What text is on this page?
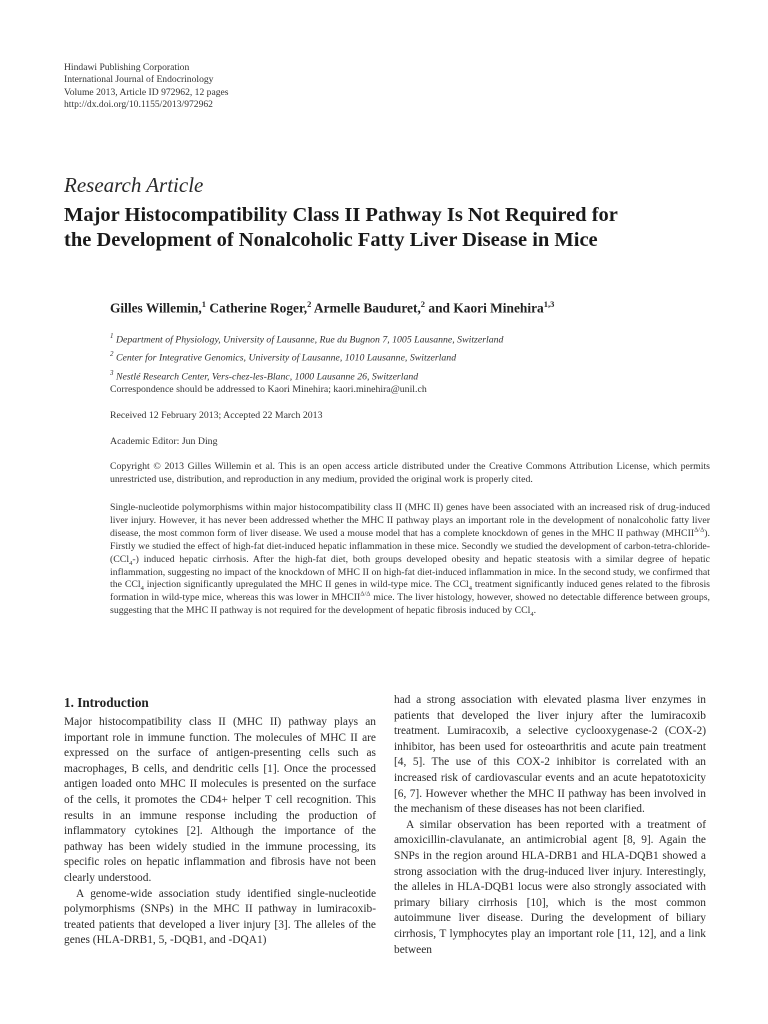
Hindawi Publishing Corporation
International Journal of Endocrinology
Volume 2013, Article ID 972962, 12 pages
http://dx.doi.org/10.1155/2013/972962
Research Article
Major Histocompatibility Class II Pathway Is Not Required for
the Development of Nonalcoholic Fatty Liver Disease in Mice
Gilles Willemin,$^1$ Catherine Roger,$^2$ Armelle Bauduret,$^2$ and Kaori Minehira$^{1,3}$
$^1$ Department of Physiology, University of Lausanne, Rue du Bugnon 7, 1005 Lausanne, Switzerland
$^2$ Center for Integrative Genomics, University of Lausanne, 1010 Lausanne, Switzerland
$^3$ Nestlé Research Center, Vers-chez-les-Blanc, 1000 Lausanne 26, Switzerland
Correspondence should be addressed to Kaori Minehira; kaori.minehira@unil.ch
Received 12 February 2013; Accepted 22 March 2013
Academic Editor: Jun Ding
Copyright © 2013 Gilles Willemin et al. This is an open access article distributed under the Creative Commons Attribution License, which permits unrestricted use, distribution, and reproduction in any medium, provided the original work is properly cited.
Single-nucleotide polymorphisms within major histocompatibility class II (MHC II) genes have been associated with an increased risk of drug-induced liver injury. However, it has never been addressed whether the MHC II pathway plays an important role in the development of nonalcoholic fatty liver disease, the most common form of liver disease. We used a mouse model that has a complete knockdown of genes in the MHC II pathway $(MHCII^{\Delta/\Delta})$. Firstly we studied the effect of high-fat diet-induced hepatic inflammation in these mice. Secondly we studied the development of carbon-tetra-chloride- (CCl$_4$-) induced hepatic cirrhosis. After the high-fat diet, both groups developed obesity and hepatic steatosis with a similar degree of hepatic inflammation, suggesting no impact of the knockdown of MHC II on high-fat diet-induced inflammation in mice. In the second study, we confirmed that the CCl$_4$ injection significantly upregulated the MHC II genes in wild-type mice. The CCl$_4$ treatment significantly induced genes related to the fibrosis formation in wild-type mice, whereas this was lower in $MHCII^{\Delta/\Delta}$ mice. The liver histology, however, showed no detectable difference between groups, suggesting that the MHC II pathway is not required for the development of hepatic fibrosis induced by CCl$_4$.
1. Introduction

Major histocompatibility class II (MHC II) pathway plays an important role in immune function. The molecules of MHC II are expressed on the surface of antigen-presenting cells such as macrophages, B cells, and dendritic cells [1]. Once the processed antigen loaded onto MHC II molecules is presented on the surface of the cells, it promotes the CD4+ helper T cell recognition. This results in an immune response including the production of inflammatory cytokines [2]. Although the importance of the pathway has been widely studied in the immune processing, its specific roles on hepatic inflammation and fibrosis have not been clearly understood.

A genome-wide association study identified single-nucleotide polymorphisms (SNPs) in the MHC II pathway in lumiracoxib-treated patients that developed a liver injury [3]. The alleles of the genes (HLA-DRB1, 5, -DQB1, and -DQA1)

had a strong association with elevated plasma liver enzymes in patients that developed the liver injury after the lumiracoxib treatment. Lumiracoxib, a selective cyclooxygenase-2 (COX-2) inhibitor, has been used for osteoarthritis and acute pain treatment [4, 5]. The use of this COX-2 inhibitor is correlated with an increased risk of cardiovascular events and an acute hepatotoxicity [6, 7]. However whether the MHC II pathway has been involved in the mechanism of these diseases has not been clarified.

A similar observation has been reported with a treatment of amoxicillin-clavulanate, an antimicrobial agent [8, 9]. Again the SNPs in the region around HLA-DRB1 and HLA-DQB1 showed a strong association with the drug-induced liver injury. Interestingly, the alleles in HLA-DQB1 locus were also strongly associated with primary biliary cirrhosis [10], which is the most common autoimmune liver disease. During the development of biliary cirrhosis, T lymphocytes play an important role [11, 12], and a link between
